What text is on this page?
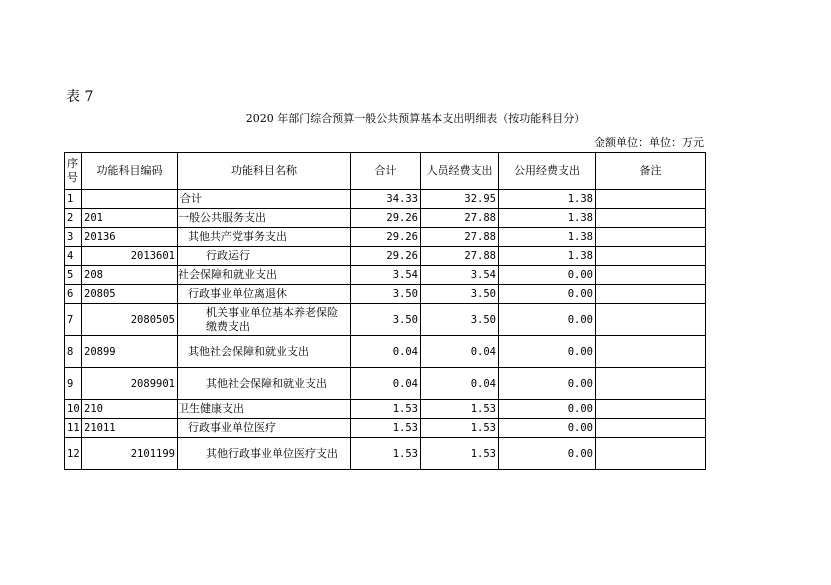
表 7
2020 年部门综合预算一般公共预算基本支出明细表（按功能科目分）
金额单位：单位：万元
序号	功能科目编码	功能科目名称	合计	人员经费支出	公用经费支出	备注
1		合计	34.33	32.95	1.38	
2	201	一般公共服务支出	29.26	27.88	1.38	
3	20136	其他共产党事务支出	29.26	27.88	1.38	
4	2013601	行政运行	29.26	27.88	1.38	
5	208	社会保障和就业支出	3.54	3.54	0.00	
6	20805	行政事业单位离退休	3.50	3.50	0.00	
7	2080505	机关事业单位基本养老保险缴费支出	3.50	3.50	0.00	
8	20899	其他社会保障和就业支出	0.04	0.04	0.00	
9	2089901	其他社会保障和就业支出	0.04	0.04	0.00	
10	210	卫生健康支出	1.53	1.53	0.00	
11	21011	行政事业单位医疗	1.53	1.53	0.00	
12	2101199	其他行政事业单位医疗支出	1.53	1.53	0.00	
